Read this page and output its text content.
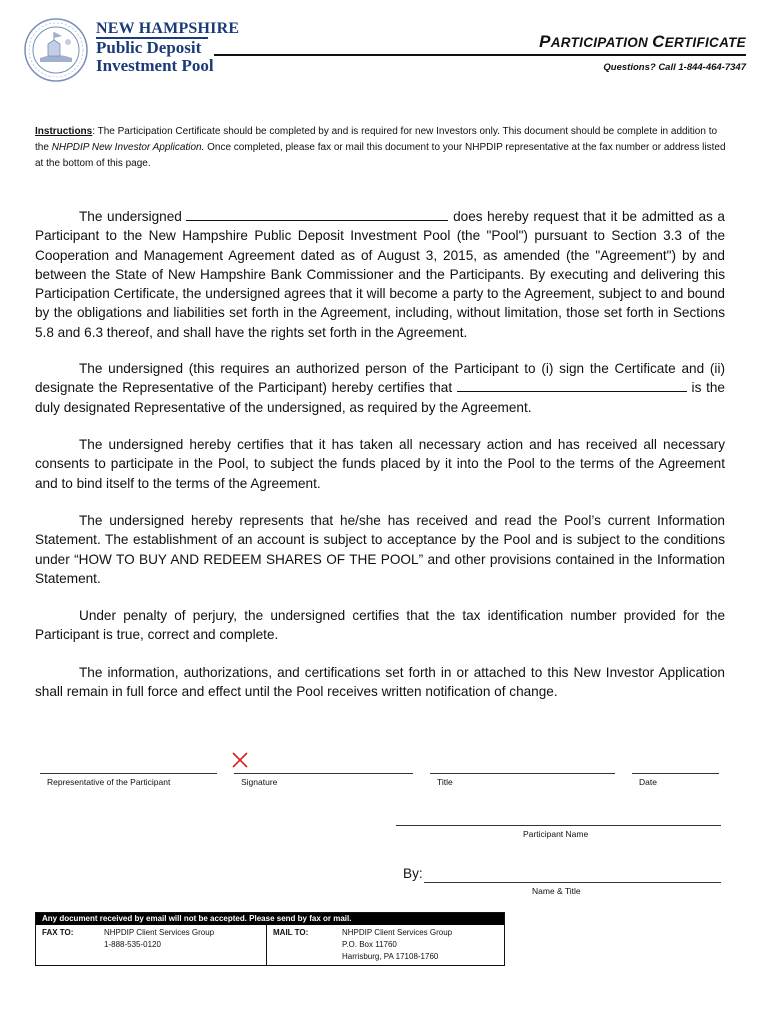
NEW HAMPSHIRE
Public Deposit
Investment Pool
PARTICIPATION CERTIFICATE
Questions? Call 1-844-464-7347
Instructions: The Participation Certificate should be completed by and is required for new Investors only. This document should be complete in addition to the NHPDIP New Investor Application. Once completed, please fax or mail this document to your NHPDIP representative at the fax number or address listed at the bottom of this page.

The undersigned	does hereby request that it be admitted as a Participant to the New Hampshire Public Deposit Investment Pool (the "Pool") pursuant to Section 3.3 of the Cooperation and Management Agreement dated as of August 3, 2015, as amended (the "Agreement") by and between the State of New Hampshire Bank Commissioner and the Participants. By executing and delivering this Participation Certificate, the undersigned agrees that it will become a party to the Agreement, subject to and bound by the obligations and liabilities set forth in the Agreement, including, without limitation, those set forth in Sections 5.8 and 6.3 thereof, and shall have the rights set forth in the Agreement.

The undersigned (this requires an authorized person of the Participant to (i) sign the Certificate and (ii) designate the Representative of the Participant) hereby certifies that	is the duly designated Representative of the undersigned, as required by the Agreement.

The undersigned hereby certifies that it has taken all necessary action and has received all necessary consents to participate in the Pool, to subject the funds placed by it into the Pool to the terms of the Agreement and to bind itself to the terms of the Agreement.

The undersigned hereby represents that he/she has received and read the Pool’s current Information Statement. The establishment of an account is subject to acceptance by the Pool and is subject to the conditions under “HOW TO BUY AND REDEEM SHARES OF THE POOL” and other provisions contained in the Information Statement.

Under penalty of perjury, the undersigned certifies that the tax identification number provided for the Participant is true, correct and complete.

The information, authorizations, and certifications set forth in or attached to this New Investor Application shall remain in full force and effect until the Pool receives written notification of change.

Representative of the Participant	Signature	Title	Date
Participant Name
By:
Name & Title
Any document received by email will not be accepted. Please send by fax or mail.
FAX TO:	NHPDIP Client Services Group
1-888-535-0120
MAIL TO:	NHPDIP Client Services Group
P.O. Box 11760
Harrisburg, PA 17108-1760
